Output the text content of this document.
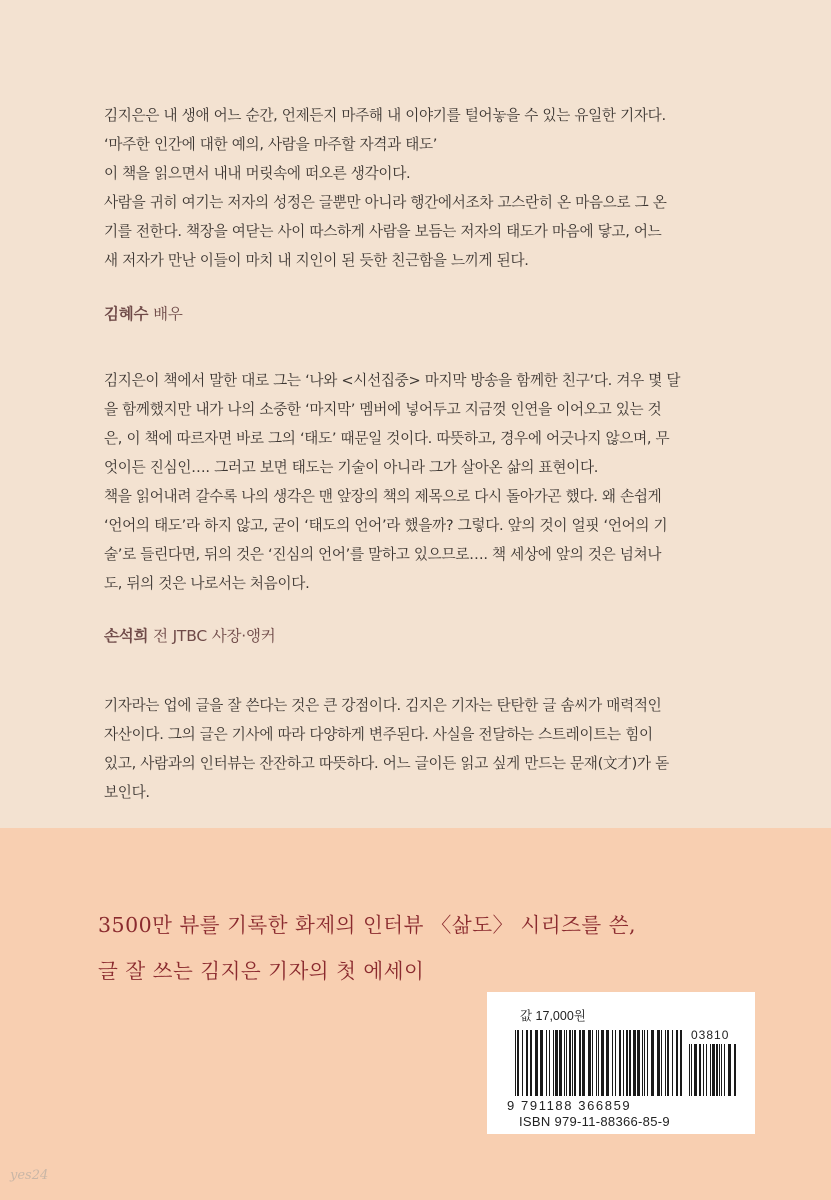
김지은은 내 생애 어느 순간, 언제든지 마주해 내 이야기를 털어놓을 수 있는 유일한 기자다.

‘마주한 인간에 대한 예의, 사람을 마주할 자격과 태도’

이 책을 읽으면서 내내 머릿속에 떠오른 생각이다.

사람을 귀히 여기는 저자의 성정은 글뿐만 아니라 행간에서조차 고스란히 온 마음으로 그 온

기를 전한다. 책장을 여닫는 사이 따스하게 사람을 보듬는 저자의 태도가 마음에 닿고, 어느

새 저자가 만난 이들이 마치 내 지인이 된 듯한 친근함을 느끼게 된다.

김혜수 배우

김지은이 책에서 말한 대로 그는 ‘나와 <시선집중> 마지막 방송을 함께한 친구’다. 겨우 몇 달

을 함께했지만 내가 나의 소중한 ‘마지막’ 멤버에 넣어두고 지금껏 인연을 이어오고 있는 것

은, 이 책에 따르자면 바로 그의 ‘태도’ 때문일 것이다. 따뜻하고, 경우에 어긋나지 않으며, 무

엇이든 진심인…. 그러고 보면 태도는 기술이 아니라 그가 살아온 삶의 표현이다.

책을 읽어내려 갈수록 나의 생각은 맨 앞장의 책의 제목으로 다시 돌아가곤 했다. 왜 손쉽게

‘언어의 태도’라 하지 않고, 굳이 ‘태도의 언어’라 했을까? 그렇다. 앞의 것이 얼핏 ‘언어의 기

술’로 들린다면, 뒤의 것은 ‘진심의 언어’를 말하고 있으므로…. 책 세상에 앞의 것은 넘쳐나

도, 뒤의 것은 나로서는 처음이다.

손석희 전 JTBC 사장·앵커

기자라는 업에 글을 잘 쓴다는 것은 큰 강점이다. 김지은 기자는 탄탄한 글 솜씨가 매력적인

자산이다. 그의 글은 기사에 따라 다양하게 변주된다. 사실을 전달하는 스트레이트는 힘이

있고, 사람과의 인터뷰는 잔잔하고 따뜻하다. 어느 글이든 읽고 싶게 만드는 문재(文才)가 돋

보인다.

3500만 뷰를 기록한 화제의 인터뷰 〈삶도〉 시리즈를 쓴,
글 잘 쓰는 김지은 기자의 첫 에세이
값 17,000원
03810
9 791188 366859
ISBN 979-11-88366-85-9
yes24
